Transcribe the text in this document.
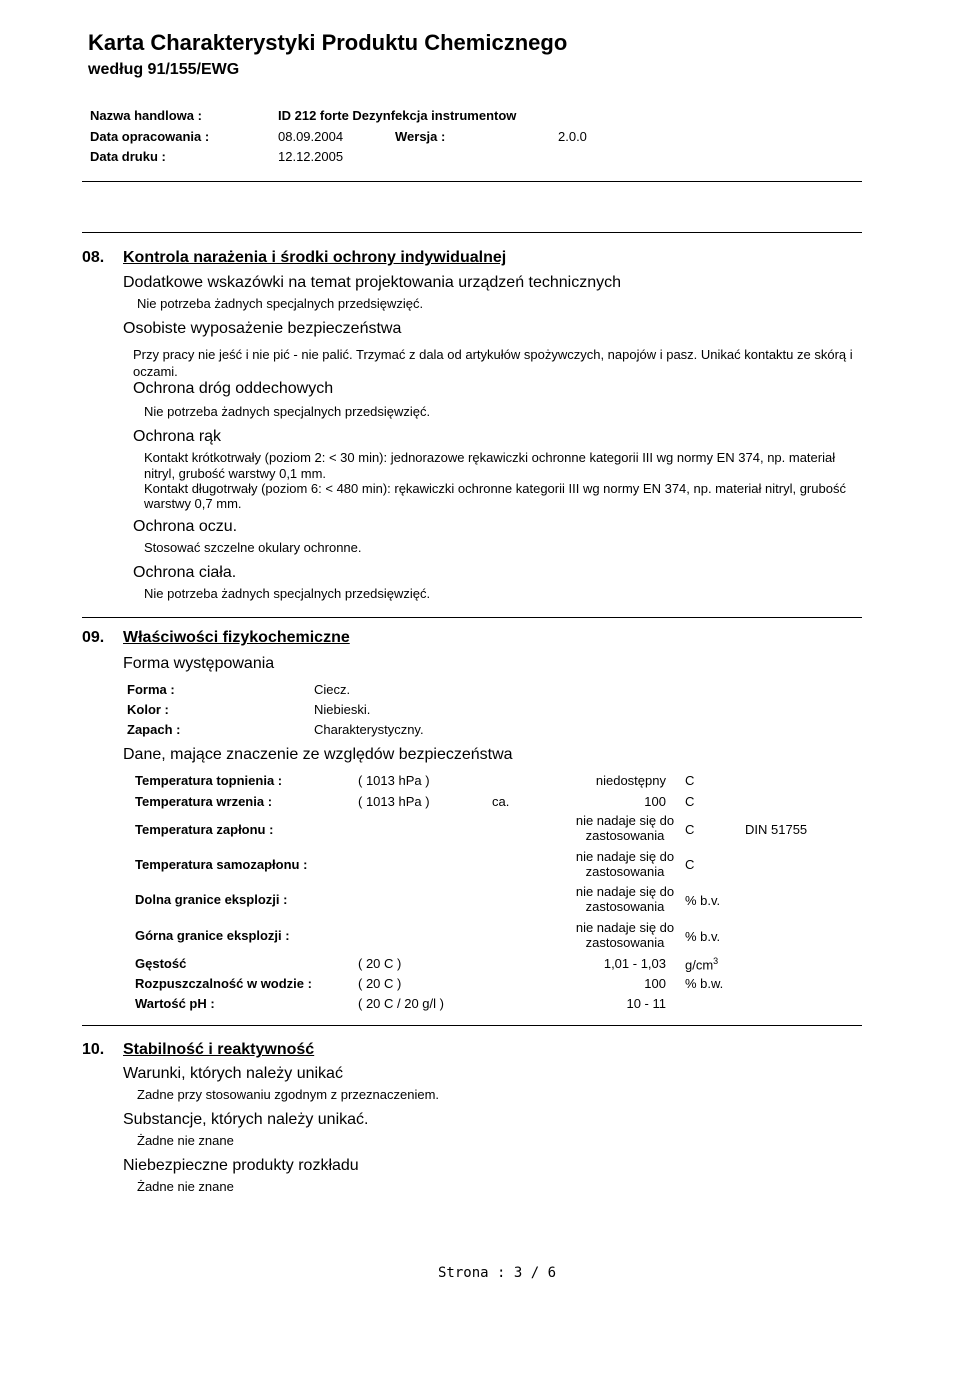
Karta Charakterystyki Produktu Chemicznego
według 91/155/EWG
Nazwa handlowa :	ID 212 forte Dezynfekcja instrumentow
Data opracowania :	08.09.2004	Wersja :	2.0.0
Data druku :	12.12.2005
08. Kontrola narażenia i środki ochrony indywidualnej
Dodatkowe wskazówki na temat projektowania urządzeń technicznych
Nie potrzeba żadnych specjalnych przedsięwzięć.
Osobiste wyposażenie bezpieczeństwa
Przy pracy nie jeść i nie pić - nie palić. Trzymać z dala od artykułów spożywczych, napojów i pasz. Unikać kontaktu ze skórą i
oczami.
Ochrona dróg oddechowych
Nie potrzeba żadnych specjalnych przedsięwzięć.
Ochrona rąk
Kontakt krótkotrwały (poziom 2: < 30 min): jednorazowe rękawiczki ochronne kategorii III wg normy EN 374, np. materiał
nitryl, grubość warstwy 0,1 mm.
Kontakt długotrwały (poziom 6: < 480 min): rękawiczki ochronne kategorii III wg normy EN 374, np. materiał nitryl, grubość
warstwy 0,7 mm.
Ochrona oczu.
Stosować szczelne okulary ochronne.
Ochrona ciała.
Nie potrzeba żadnych specjalnych przedsięwzięć.
09. Właściwości fizykochemiczne
Forma występowania
Forma :	Ciecz.
Kolor :	Niebieski.
Zapach :	Charakterystyczny.
Dane, mające znaczenie ze względów bezpieczeństwa
Temperatura topnienia :	( 1013 hPa )	niedostępny C
Temperatura wrzenia :	( 1013 hPa )	ca.	100 C
Temperatura zapłonu :
nie nadaje się do zastosowania	C	DIN 51755
Temperatura samozapłonu :
nie nadaje się do zastosowania	C
Dolna granice eksplozji :
nie nadaje się do zastosowania	% b.v.
Górna granice eksplozji :
nie nadaje się do zastosowania	% b.v.
Gęstość	( 20 C )	1,01 - 1,03 $g/cm^3$
Rozpuszczalność w wodzie :	( 20 C )	100 % b.w.
Wartość pH :	( 20 C / 20 g/l )	10 - 11
10. Stabilność i reaktywność
Warunki, których należy unikać
Zadne przy stosowaniu zgodnym z przeznaczeniem.
Substancje, których należy unikać.
Żadne nie znane
Niebezpieczne produkty rozkładu
Żadne nie znane
Strona : 3 / 6
